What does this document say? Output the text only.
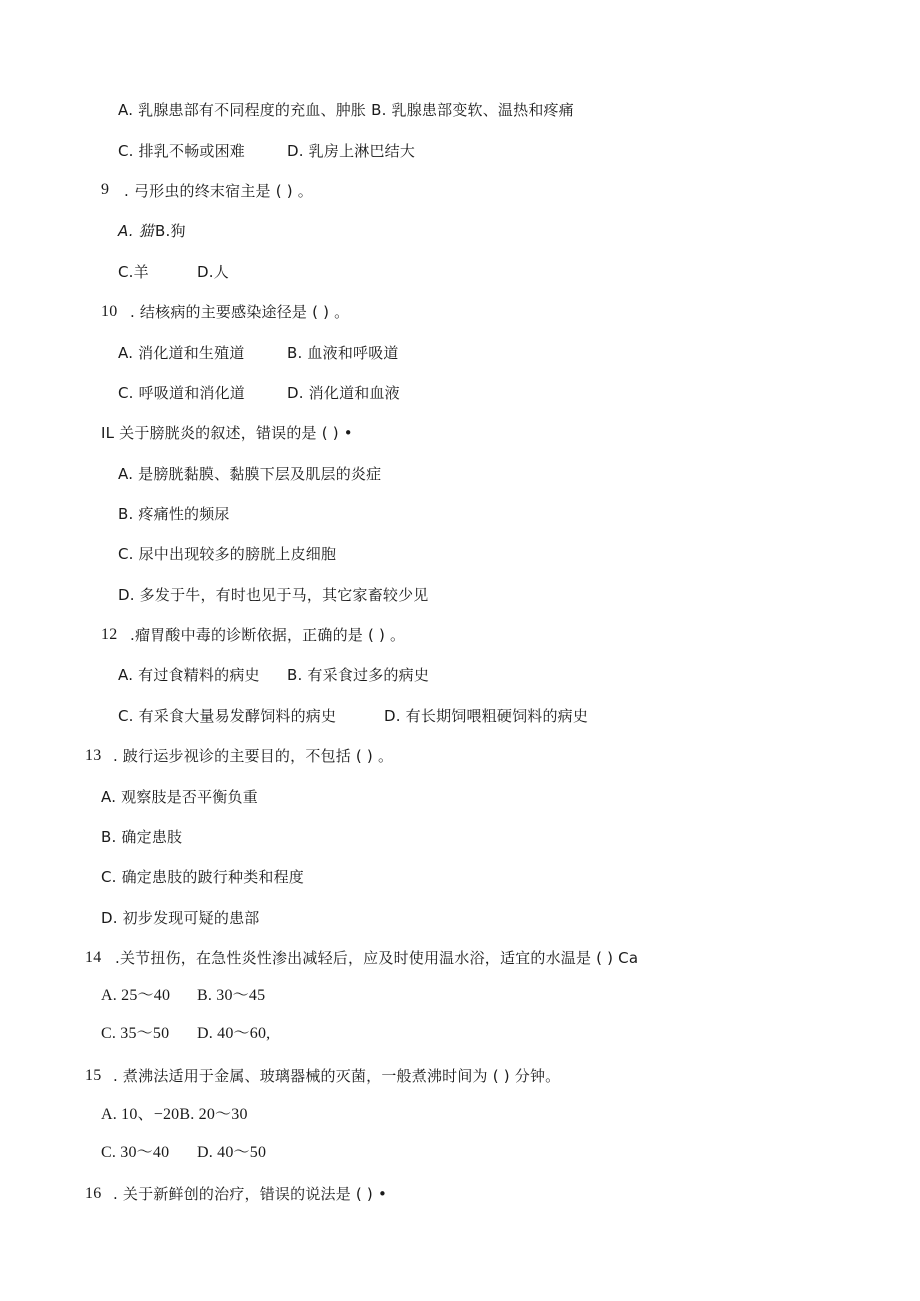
A. 乳腺患部有不同程度的充血、肿胀 B. 乳腺患部变软、温热和疼痛
C. 排乳不畅或困难	D. 乳房上淋巴结大
9 . 弓形虫的终末宿主是 ( ) 。
A. 猫 B.狗
C.羊	D.人
10 . 结核病的主要感染途径是 ( ) 。
A. 消化道和生殖道	B. 血液和呼吸道
C. 呼吸道和消化道	D. 消化道和血液
IL 关于膀胱炎的叙述，错误的是 ( ) •
A. 是膀胱黏膜、黏膜下层及肌层的炎症
B. 疼痛性的频尿
C. 尿中出现较多的膀胱上皮细胞
D. 多发于牛，有时也见于马，其它家畜较少见
12 .瘤胃酸中毒的诊断依据，正确的是 ( ) 。
A. 有过食精料的病史 B. 有采食过多的病史
C. 有采食大量易发酵饲料的病史	D. 有长期饲喂粗硬饲料的病史
13 . 跛行运步视诊的主要目的，不包括 ( ) 。
A. 观察肢是否平衡负重
B. 确定患肢
C. 确定患肢的跛行种类和程度
D. 初步发现可疑的患部
14 .关节扭伤，在急性炎性渗出减轻后，应及时使用温水浴，适宜的水温是 ( ) Ca
A. 25～40 B. 30～45
C. 35～50 D. 40～60,
15 . 煮沸法适用于金属、玻璃器械的灭菌，一般煮沸时间为 ( ) 分钟。
A. 10、−20B. 20～30
C. 30～40 D. 40～50
16 . 关于新鲜创的治疗，错误的说法是 ( ) •
